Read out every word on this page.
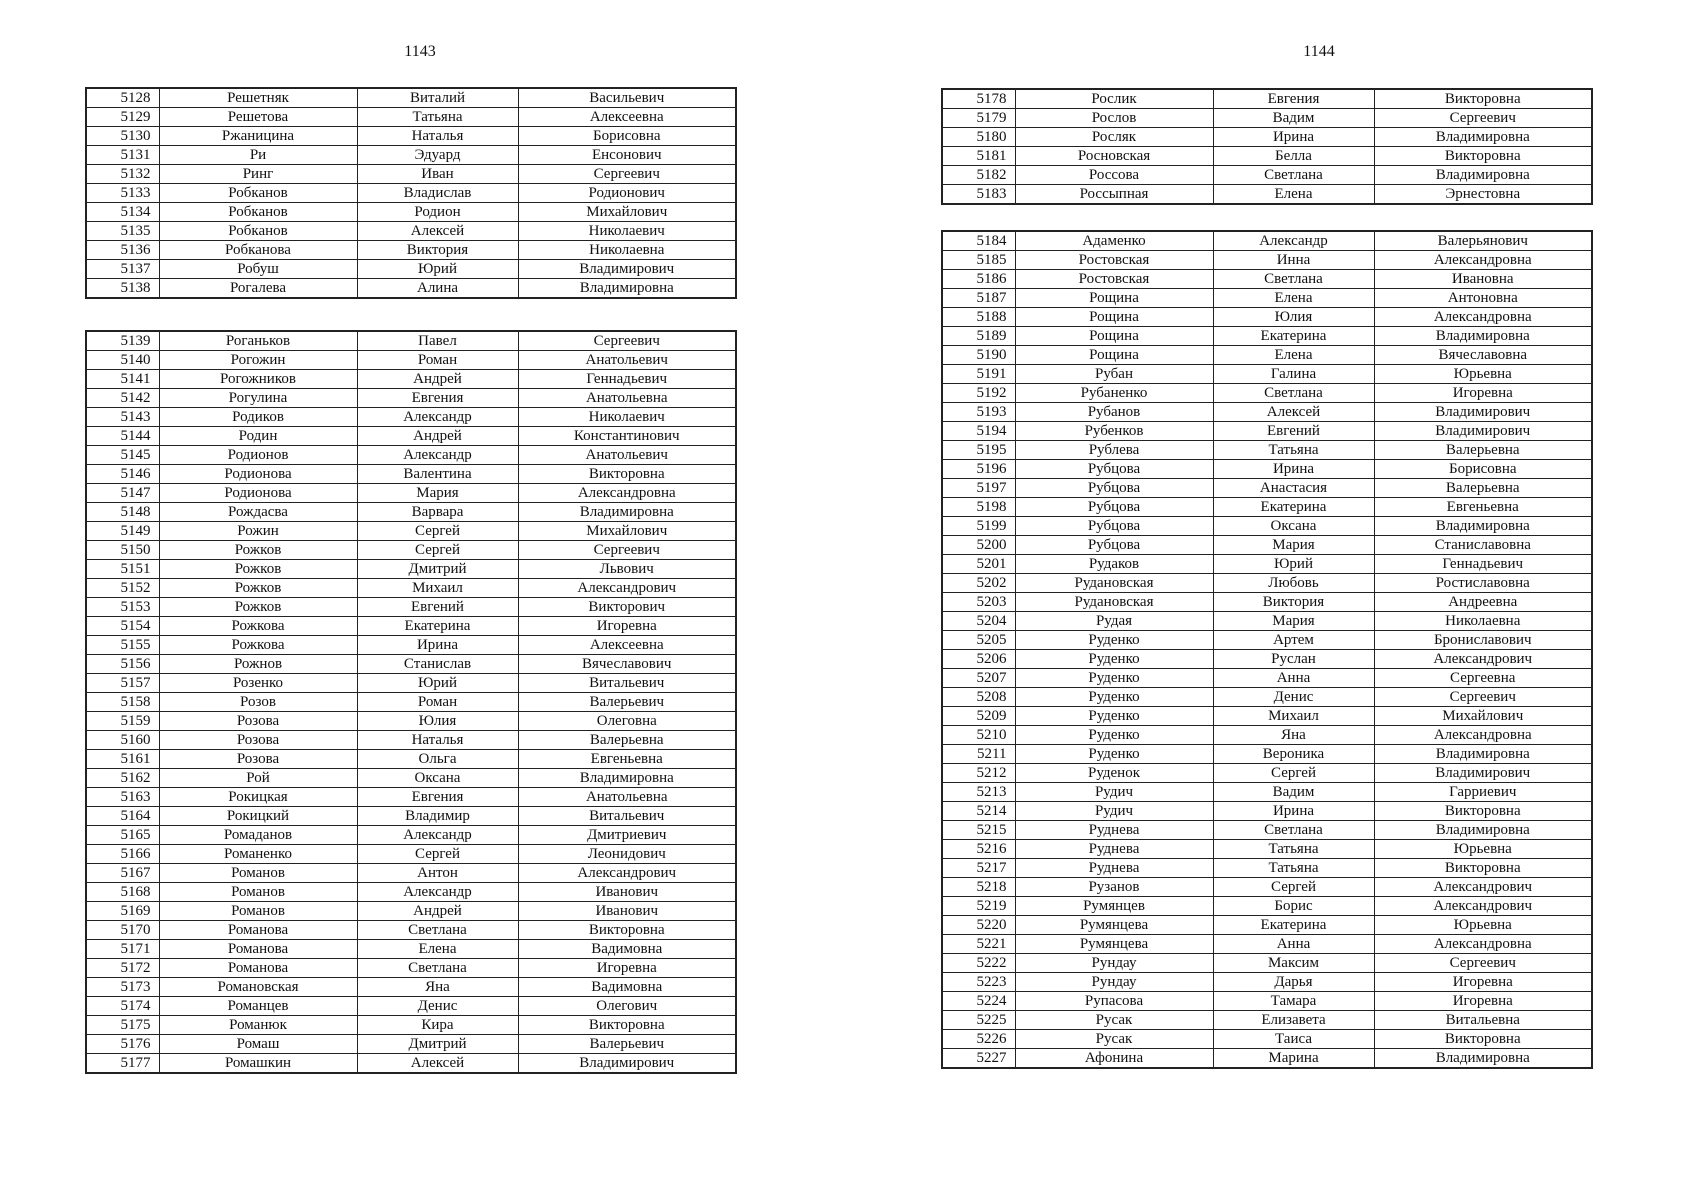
1143
5128	Решетняк	Виталий	Васильевич
5129	Решетова	Татьяна	Алексеевна
5130	Ржаницина	Наталья	Борисовна
5131	Ри	Эдуард	Енсонович
5132	Ринг	Иван	Сергеевич
5133	Робканов	Владислав	Родионович
5134	Робканов	Родион	Михайлович
5135	Робканов	Алексей	Николаевич
5136	Робканова	Виктория	Николаевна
5137	Робуш	Юрий	Владимирович
5138	Рогалева	Алина	Владимировна
5139	Роганьков	Павел	Сергеевич
5140	Рогожин	Роман	Анатольевич
5141	Рогожников	Андрей	Геннадьевич
5142	Рогулина	Евгения	Анатольевна
5143	Родиков	Александр	Николаевич
5144	Родин	Андрей	Константинович
5145	Родионов	Александр	Анатольевич
5146	Родионова	Валентина	Викторовна
5147	Родионова	Мария	Александровна
5148	Рождасва	Варвара	Владимировна
5149	Рожин	Сергей	Михайлович
5150	Рожков	Сергей	Сергеевич
5151	Рожков	Дмитрий	Львович
5152	Рожков	Михаил	Александрович
5153	Рожков	Евгений	Викторович
5154	Рожкова	Екатерина	Игоревна
5155	Рожкова	Ирина	Алексеевна
5156	Рожнов	Станислав	Вячеславович
5157	Розенко	Юрий	Витальевич
5158	Розов	Роман	Валерьевич
5159	Розова	Юлия	Олеговна
5160	Розова	Наталья	Валерьевна
5161	Розова	Ольга	Евгеньевна
5162	Рой	Оксана	Владимировна
5163	Рокицкая	Евгения	Анатольевна
5164	Рокицкий	Владимир	Витальевич
5165	Ромаданов	Александр	Дмитриевич
5166	Романенко	Сергей	Леонидович
5167	Романов	Антон	Александрович
5168	Романов	Александр	Иванович
5169	Романов	Андрей	Иванович
5170	Романова	Светлана	Викторовна
5171	Романова	Елена	Вадимовна
5172	Романова	Светлана	Игоревна
5173	Романовская	Яна	Вадимовна
5174	Романцев	Денис	Олегович
5175	Романюк	Кира	Викторовна
5176	Ромаш	Дмитрий	Валерьевич
5177	Ромашкин	Алексей	Владимирович
1144
5178	Рослик	Евгения	Викторовна
5179	Рослов	Вадим	Сергеевич
5180	Росляк	Ирина	Владимировна
5181	Росновская	Белла	Викторовна
5182	Россова	Светлана	Владимировна
5183	Россыпная	Елена	Эрнестовна
5184	Адаменко	Александр	Валерьянович
5185	Ростовская	Инна	Александровна
5186	Ростовская	Светлана	Ивановна
5187	Рощина	Елена	Антоновна
5188	Рощина	Юлия	Александровна
5189	Рощина	Екатерина	Владимировна
5190	Рощина	Елена	Вячеславовна
5191	Рубан	Галина	Юрьевна
5192	Рубаненко	Светлана	Игоревна
5193	Рубанов	Алексей	Владимирович
5194	Рубенков	Евгений	Владимирович
5195	Рублева	Татьяна	Валерьевна
5196	Рубцова	Ирина	Борисовна
5197	Рубцова	Анастасия	Валерьевна
5198	Рубцова	Екатерина	Евгеньевна
5199	Рубцова	Оксана	Владимировна
5200	Рубцова	Мария	Станиславовна
5201	Рудаков	Юрий	Геннадьевич
5202	Рудановская	Любовь	Ростиславовна
5203	Рудановская	Виктория	Андреевна
5204	Рудая	Мария	Николаевна
5205	Руденко	Артем	Брониславович
5206	Руденко	Руслан	Александрович
5207	Руденко	Анна	Сергеевна
5208	Руденко	Денис	Сергеевич
5209	Руденко	Михаил	Михайлович
5210	Руденко	Яна	Александровна
5211	Руденко	Вероника	Владимировна
5212	Руденок	Сергей	Владимирович
5213	Рудич	Вадим	Гарриевич
5214	Рудич	Ирина	Викторовна
5215	Руднева	Светлана	Владимировна
5216	Руднева	Татьяна	Юрьевна
5217	Руднева	Татьяна	Викторовна
5218	Рузанов	Сергей	Александрович
5219	Румянцев	Борис	Александрович
5220	Румянцева	Екатерина	Юрьевна
5221	Румянцева	Анна	Александровна
5222	Рундау	Максим	Сергеевич
5223	Рундау	Дарья	Игоревна
5224	Рупасова	Тамара	Игоревна
5225	Русак	Елизавета	Витальевна
5226	Русак	Таиса	Викторовна
5227	Афонина	Марина	Владимировна
